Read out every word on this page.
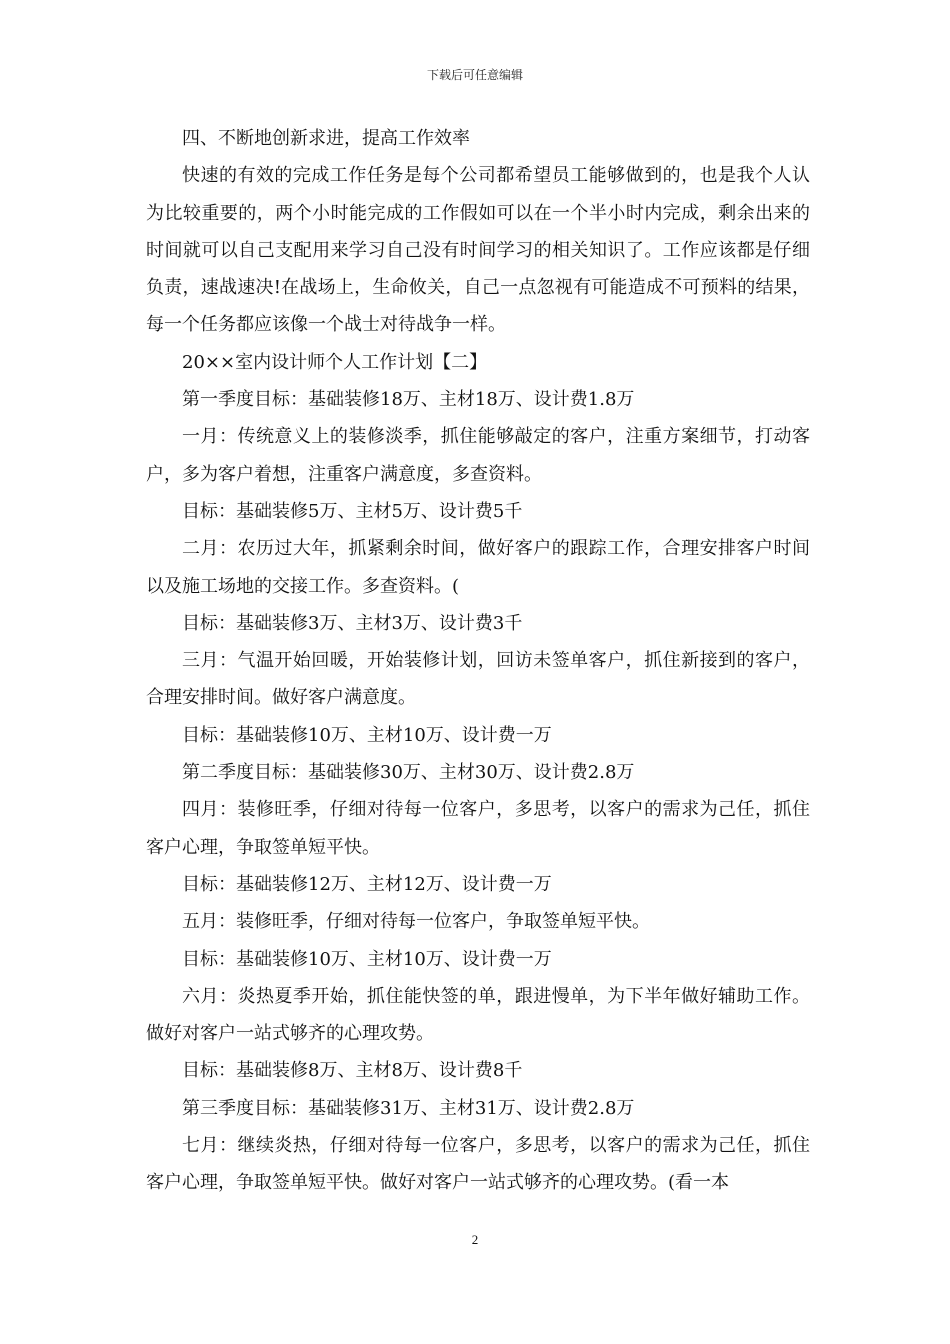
下载后可任意编辑

四、不断地创新求进，提高工作效率

快速的有效的完成工作任务是每个公司都希望员工能够做到的，也是我个人认为比较重要的，两个小时能完成的工作假如可以在一个半小时内完成，剩余出来的时间就可以自己支配用来学习自己没有时间学习的相关知识了。工作应该都是仔细负责，速战速决!在战场上，生命攸关，自己一点忽视有可能造成不可预料的结果，每一个任务都应该像一个战士对待战争一样。

20××室内设计师个人工作计划【二】

第一季度目标：基础装修18万、主材18万、设计费1.8万

一月：传统意义上的装修淡季，抓住能够敲定的客户，注重方案细节，打动客户，多为客户着想，注重客户满意度，多查资料。

目标：基础装修5万、主材5万、设计费5千

二月：农历过大年，抓紧剩余时间，做好客户的跟踪工作，合理安排客户时间以及施工场地的交接工作。多查资料。(

目标：基础装修3万、主材3万、设计费3千

三月：气温开始回暖，开始装修计划，回访未签单客户，抓住新接到的客户，合理安排时间。做好客户满意度。

目标：基础装修10万、主材10万、设计费一万

第二季度目标：基础装修30万、主材30万、设计费2.8万

四月：装修旺季，仔细对待每一位客户，多思考，以客户的需求为己任，抓住客户心理，争取签单短平快。

目标：基础装修12万、主材12万、设计费一万

五月：装修旺季，仔细对待每一位客户，争取签单短平快。

目标：基础装修10万、主材10万、设计费一万

六月：炎热夏季开始，抓住能快签的单，跟进慢单，为下半年做好辅助工作。做好对客户一站式够齐的心理攻势。

目标：基础装修8万、主材8万、设计费8千

第三季度目标：基础装修31万、主材31万、设计费2.8万

七月：继续炎热，仔细对待每一位客户，多思考，以客户的需求为己任，抓住客户心理，争取签单短平快。做好对客户一站式够齐的心理攻势。(看一本

2
